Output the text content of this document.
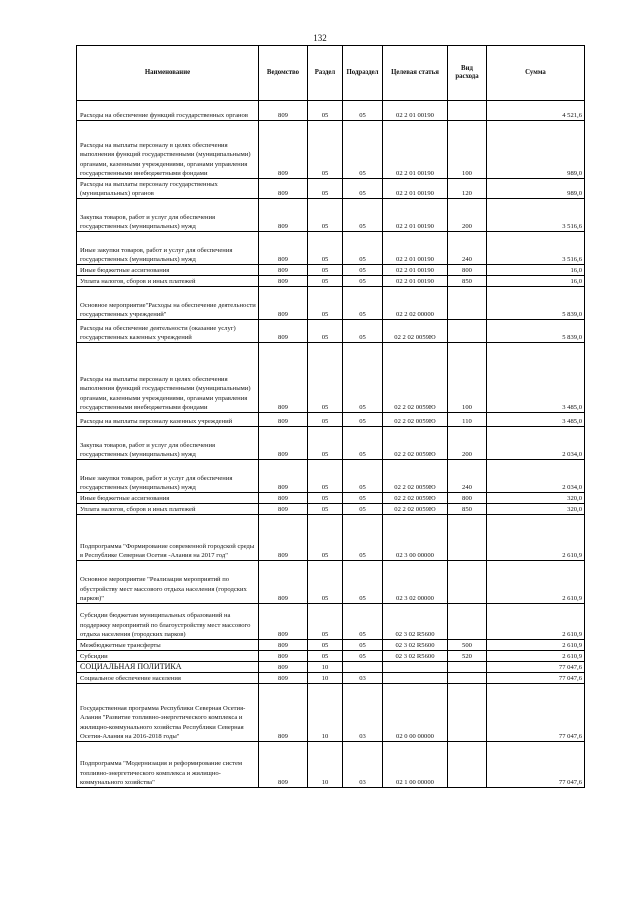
132
Наименование	Ведомство	Раздел	Подраздел	Целевая статья	Вид расхода	Сумма
Расходы на обеспечение функций государственных органов	809	05	05	02 2 01 00190		4 521,6
Расходы на выплаты персоналу в целях обеспечения выполнения функций государственными (муниципальными) органами, казенными учреждениями, органами управления государственными внебюджетными фондами	809	05	05	02 2 01 00190	100	989,0
Расходы на выплаты персоналу государственных (муниципальных) органов	809	05	05	02 2 01 00190	120	989,0
Закупка товаров, работ и услуг для обеспечения государственных (муниципальных) нужд	809	05	05	02 2 01 00190	200	3 516,6
Иные закупки товаров, работ и услуг для обеспечения государственных (муниципальных) нужд	809	05	05	02 2 01 00190	240	3 516,6
Иные бюджетные ассигнования	809	05	05	02 2 01 00190	800	16,0
Уплата налогов, сборов и иных платежей	809	05	05	02 2 01 00190	850	16,0
Основное мероприятие"Расходы на обеспечение деятельности государственных учреждений"	809	05	05	02 2 02 00000		5 839,0
Расходы на обеспечение деятельности (оказание услуг) государственных казенных учреждений	809	05	05	02 2 02 0059Ю		5 839,0
Расходы на выплаты персоналу в целях обеспечения выполнения функций государственными (муниципальными) органами, казенными учреждениями, органами управления государственными внебюджетными фондами	809	05	05	02 2 02 0059Ю	100	3 485,0
Расходы на выплаты персоналу казенных учреждений	809	05	05	02 2 02 0059Ю	110	3 485,0
Закупка товаров, работ и услуг для обеспечения государственных (муниципальных) нужд	809	05	05	02 2 02 0059Ю	200	2 034,0
Иные закупки товаров, работ и услуг для обеспечения государственных (муниципальных) нужд	809	05	05	02 2 02 0059Ю	240	2 034,0
Иные бюджетные ассигнования	809	05	05	02 2 02 0059Ю	800	320,0
Уплата налогов, сборов и иных платежей	809	05	05	02 2 02 0059Ю	850	320,0
Подпрограмма "Формирование современной городской среды в Республике Северная Осетия -Алания на 2017 год"	809	05	05	02 3 00 00000		2 610,9
Основное мероприятие "Реализация мероприятий по обустройству мест массового отдыха населения (городских парков)"	809	05	05	02 3 02 00000		2 610,9
Субсидии бюджетам муниципальных образований на поддержку мероприятий по благоустройству мест массового отдыха населения (городских парков)	809	05	05	02 3 02 R5600		2 610,9
Межбюджетные трансферты	809	05	05	02 3 02 R5600	500	2 610,9
Субсидии	809	05	05	02 3 02 R5600	520	2 610,9
СОЦИАЛЬНАЯ ПОЛИТИКА	809	10				77 047,6
Социальное обеспечение населения	809	10	03			77 047,6
Государственная программа Республики Северная Осетия-Алания "Развитие топливно-энергетического комплекса и жилищно-коммунального хозяйства Республики Северная Осетия-Алания на 2016-2018 годы"	809	10	03	02 0 00 00000		77 047,6
Подпрограмма "Модернизация и реформирование систем топливно-энергетического комплекса и жилищно-коммунального хозяйства"	809	10	03	02 1 00 00000		77 047,6
